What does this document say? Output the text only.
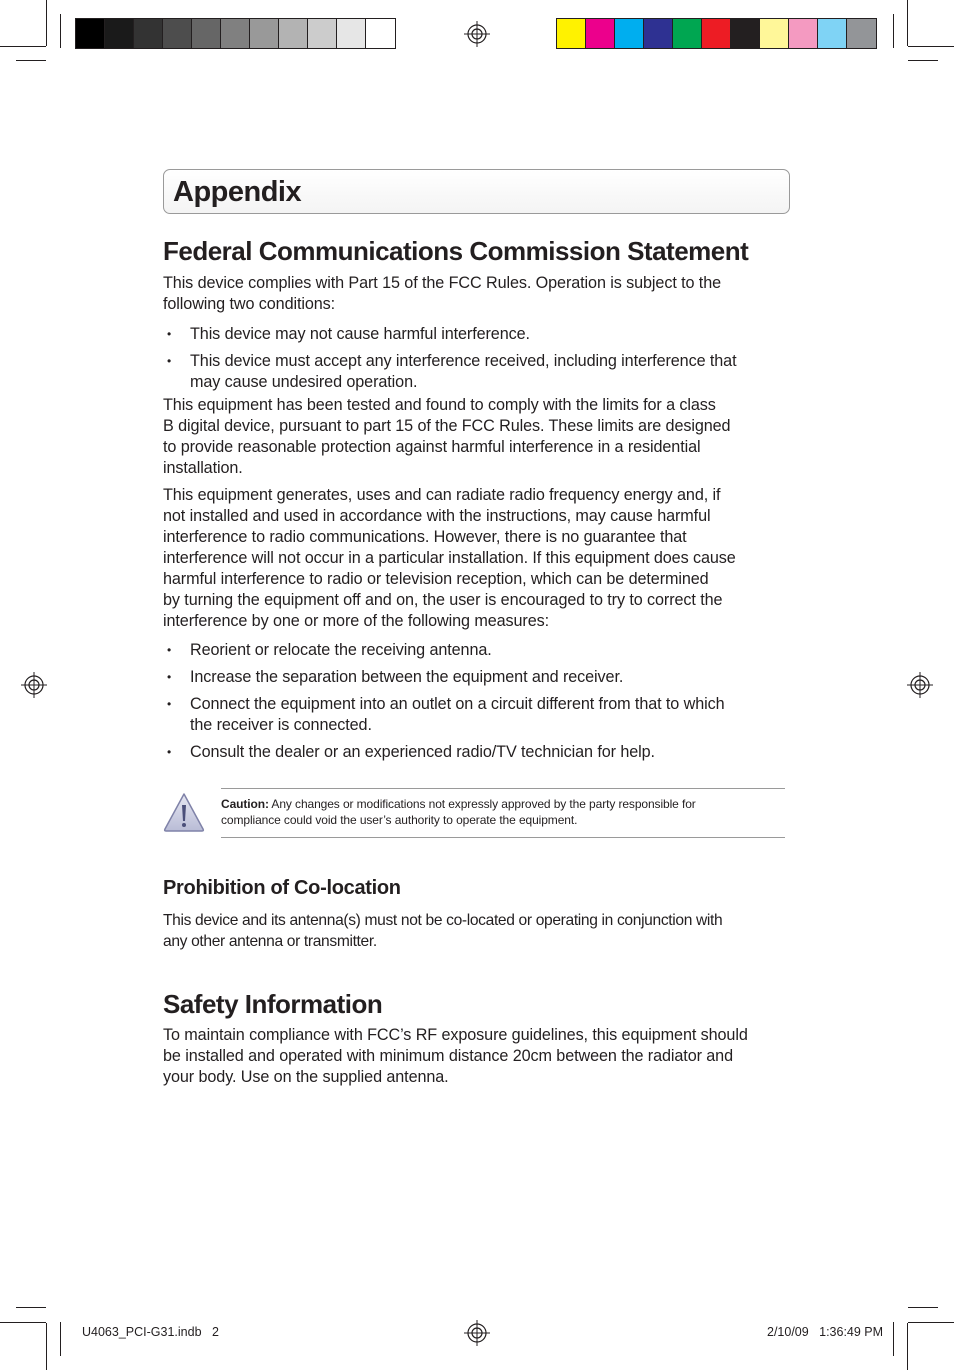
Appendix
Federal Communications Commission Statement
This device complies with Part 15 of the FCC Rules. Operation is subject to the
following two conditions:
• This device may not cause harmful interference.
• This device must accept any interference received, including interference that
may cause undesired operation.
This equipment has been tested and found to comply with the limits for a class
B digital device, pursuant to part 15 of the FCC Rules. These limits are designed
to provide reasonable protection against harmful interference in a residential
installation.
This equipment generates, uses and can radiate radio frequency energy and, if
not installed and used in accordance with the instructions, may cause harmful
interference to radio communications. However, there is no guarantee that
interference will not occur in a particular installation. If this equipment does cause
harmful interference to radio or television reception, which can be determined
by turning the equipment off and on, the user is encouraged to try to correct the
interference by one or more of the following measures:
• Reorient or relocate the receiving antenna.
• Increase the separation between the equipment and receiver.
• Connect the equipment into an outlet on a circuit different from that to which
the receiver is connected.
• Consult the dealer or an experienced radio/TV technician for help.
Caution: Any changes or modifications not expressly approved by the party responsible for
compliance could void the user’s authority to operate the equipment.
Prohibition of Co-location
This device and its antenna(s) must not be co-located or operating in conjunction with
any other antenna or transmitter.
Safety Information
To maintain compliance with FCC’s RF exposure guidelines, this equipment should
be installed and operated with minimum distance 20cm between the radiator and
your body. Use on the supplied antenna.
U4063_PCI-G31.indb   2	2/10/09   1:36:49 PM
